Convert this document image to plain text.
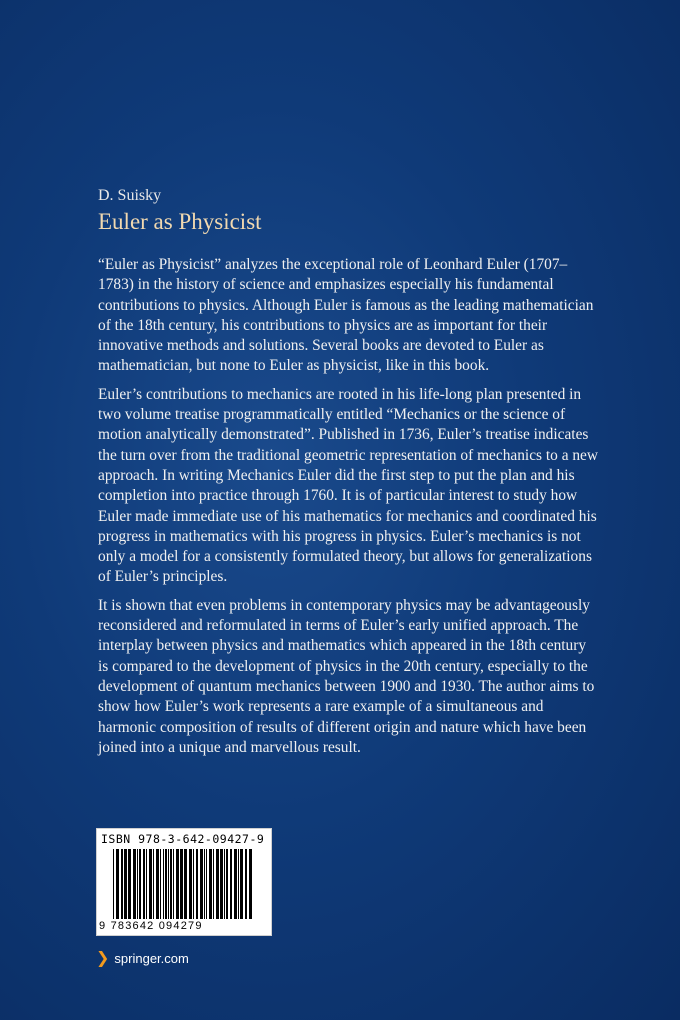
D. Suisky

Euler as Physicist

“Euler as Physicist” analyzes the exceptional role of Leonhard Euler (1707–1783) in the history of science and emphasizes especially his fundamental contributions to physics. Although Euler is famous as the leading mathematician of the 18th century, his contributions to physics are as important for their innovative methods and solutions. Several books are devoted to Euler as mathematician, but none to Euler as physicist, like in this book.

Euler’s contributions to mechanics are rooted in his life-long plan presented in two volume treatise programmatically entitled “Mechanics or the science of motion analytically demonstrated”. Published in 1736, Euler’s treatise indicates the turn over from the traditional geometric representation of mechanics to a new approach. In writing Mechanics Euler did the first step to put the plan and his completion into practice through 1760. It is of particular interest to study how Euler made immediate use of his mathematics for mechanics and coordinated his progress in mathematics with his progress in physics. Euler’s mechanics is not only a model for a consistently formulated theory, but allows for generalizations of Euler’s principles.

It is shown that even problems in contemporary physics may be advantageously reconsidered and reformulated in terms of Euler’s early unified approach. The interplay between physics and mathematics which appeared in the 18th century is compared to the development of physics in the 20th century, especially to the development of quantum mechanics between 1900 and 1930. The author aims to show how Euler’s work represents a rare example of a simultaneous and harmonic composition of results of different origin and nature which have been joined into a unique and marvellous result.

ISBN 978-3-642-09427-9
9 783642 094279
❯ springer.com
